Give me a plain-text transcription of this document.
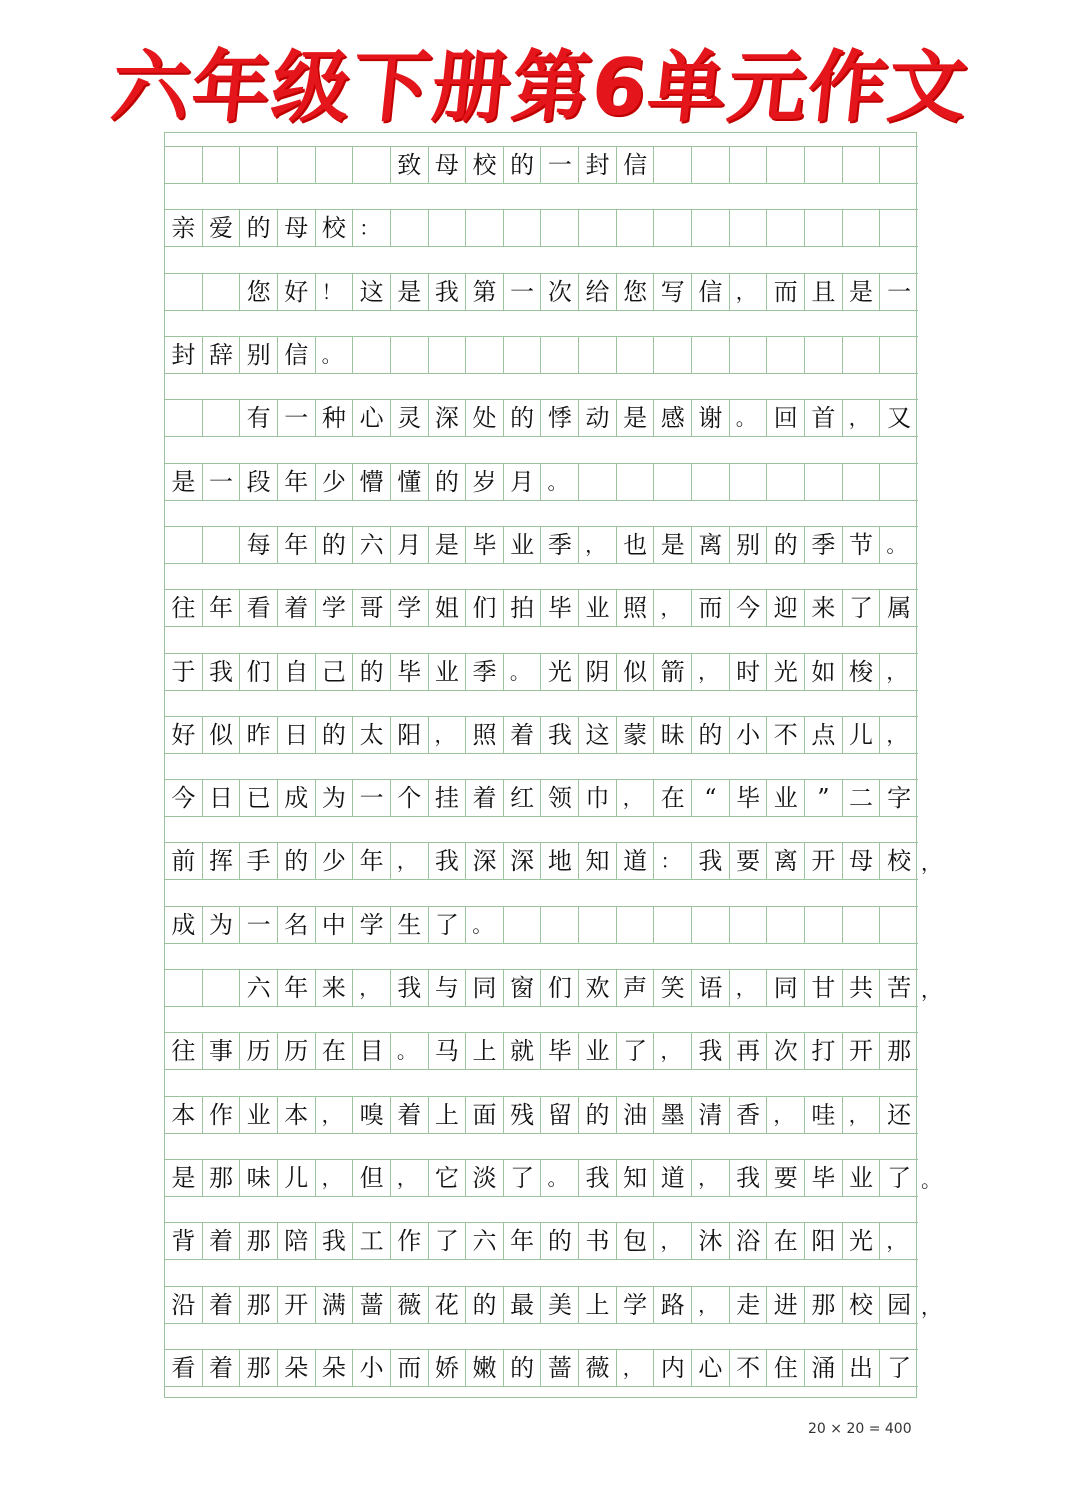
六年级下册第6单元作文
致 母 校 的 一 封 信
亲 爱 的 母 校 ：
您 好 ！ 这 是 我 第 一 次 给 您 写 信 ， 而 且 是 一
封 辞 别 信 。
有 一 种 心 灵 深 处 的 悸 动 是 感 谢 。 回 首 ， 又
是 一 段 年 少 懵 懂 的 岁 月 。
每 年 的 六 月 是 毕 业 季 ， 也 是 离 别 的 季 节 。
往 年 看 着 学 哥 学 姐 们 拍 毕 业 照 ， 而 今 迎 来 了 属
于 我 们 自 己 的 毕 业 季 。 光 阴 似 箭 ， 时 光 如 梭 ，
好 似 昨 日 的 太 阳 ， 照 着 我 这 蒙 昧 的 小 不 点 儿 ，
今 日 已 成 为 一 个 挂 着 红 领 巾 ， 在 “ 毕 业 ” 二 字
前 挥 手 的 少 年 ， 我 深 深 地 知 道 ： 我 要 离 开 母 校 ，
成 为 一 名 中 学 生 了 。
六 年 来 ， 我 与 同 窗 们 欢 声 笑 语 ， 同 甘 共 苦 ，
往 事 历 历 在 目 。 马 上 就 毕 业 了 ， 我 再 次 打 开 那
本 作 业 本 ， 嗅 着 上 面 残 留 的 油 墨 清 香 ， 哇 ， 还
是 那 味 儿 ， 但 ， 它 淡 了 。 我 知 道 ， 我 要 毕 业 了 。
背 着 那 陪 我 工 作 了 六 年 的 书 包 ， 沐 浴 在 阳 光 ，
沿 着 那 开 满 蔷 薇 花 的 最 美 上 学 路 ， 走 进 那 校 园 ，
看 着 那 朵 朵 小 而 娇 嫩 的 蔷 薇 ， 内 心 不 住 涌 出 了
20 × 20 = 400
